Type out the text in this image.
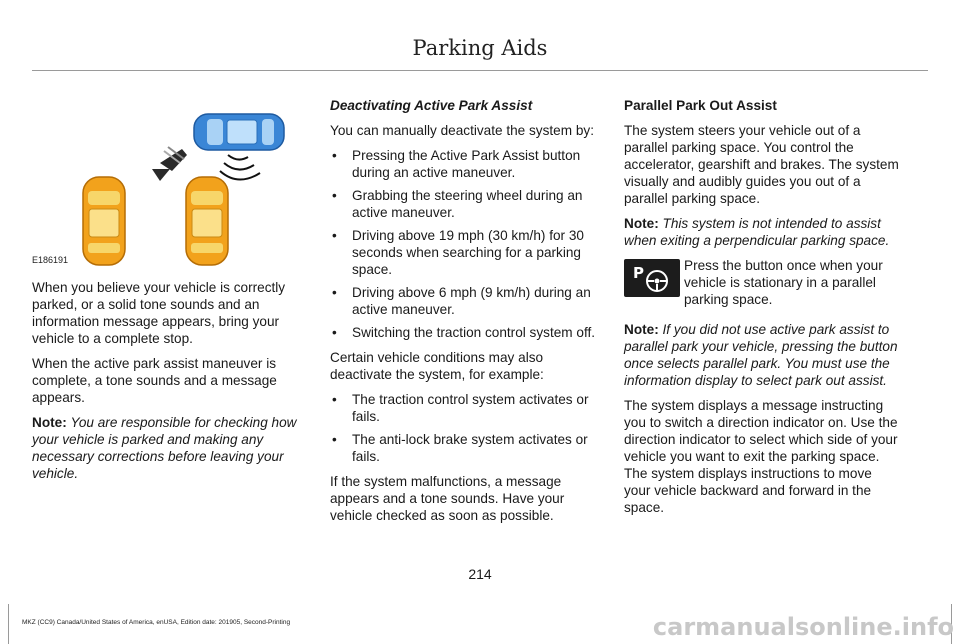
Parking Aids
E186191

When you believe your vehicle is correctly parked, or a solid tone sounds and an information message appears, bring your vehicle to a complete stop.

When the active park assist maneuver is complete, a tone sounds and a message appears.

Note: You are responsible for checking how your vehicle is parked and making any necessary corrections before leaving your vehicle.

Deactivating Active Park Assist

You can manually deactivate the system by:

• Pressing the Active Park Assist button during an active maneuver.
• Grabbing the steering wheel during an active maneuver.
• Driving above 19 mph (30 km/h) for 30 seconds when searching for a parking space.
• Driving above 6 mph (9 km/h) during an active maneuver.
• Switching the traction control system off.

Certain vehicle conditions may also deactivate the system, for example:

• The traction control system activates or fails.
• The anti-lock brake system activates or fails.

If the system malfunctions, a message appears and a tone sounds. Have your vehicle checked as soon as possible.

Parallel Park Out Assist

The system steers your vehicle out of a parallel parking space. You control the accelerator, gearshift and brakes. The system visually and audibly guides you out of a parallel parking space.

Note: This system is not intended to assist when exiting a perpendicular parking space.

P	Press the button once when your vehicle is stationary in a parallel parking space.

Note: If you did not use active park assist to parallel park your vehicle, pressing the button once selects parallel park. You must use the information display to select park out assist.

The system displays a message instructing you to switch a direction indicator on. Use the direction indicator to select which side of your vehicle you want to exit the parking space. The system displays instructions to move your vehicle backward and forward in the space.

214
MKZ (CC9) Canada/United States of America, enUSA, Edition date: 201905, Second-Printing	carmanualsonline.info
